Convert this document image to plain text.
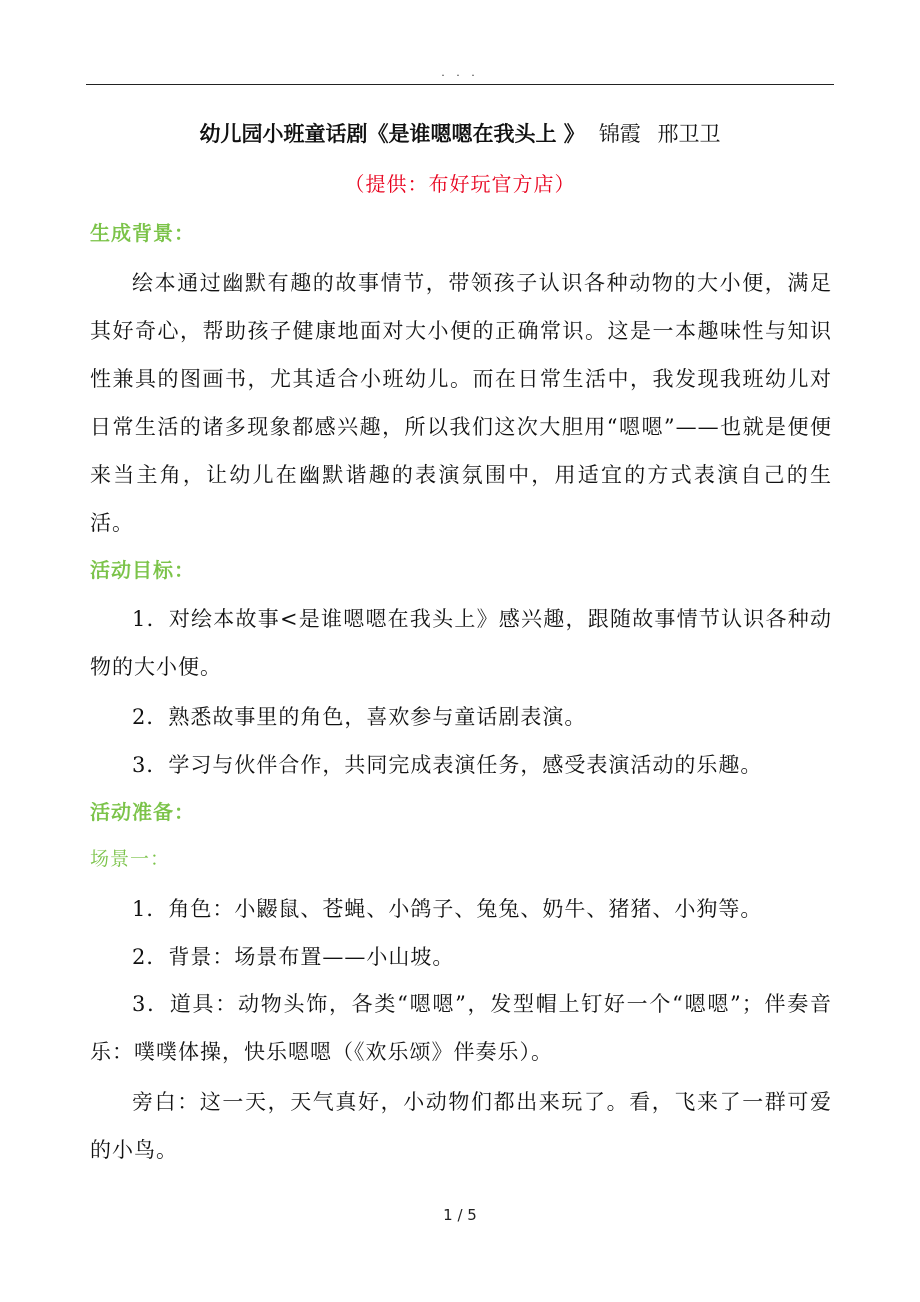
. . .
幼儿园小班童话剧《是谁嗯嗯在我头上 》 锦霞 邢卫卫
（提供：布好玩官方店）
生成背景：

绘本通过幽默有趣的故事情节，带领孩子认识各种动物的大小便，满足其好奇心，帮助孩子健康地面对大小便的正确常识。这是一本趣味性与知识性兼具的图画书，尤其适合小班幼儿。而在日常生活中，我发现我班幼儿对日常生活的诸多现象都感兴趣，所以我们这次大胆用“嗯嗯”——也就是便便来当主角，让幼儿在幽默谐趣的表演氛围中，用适宜的方式表演自己的生活。

活动目标：

1．对绘本故事<是谁嗯嗯在我头上》感兴趣，跟随故事情节认识各种动物的大小便。

2．熟悉故事里的角色，喜欢参与童话剧表演。

3．学习与伙伴合作，共同完成表演任务，感受表演活动的乐趣。

活动准备：
场景一：

1．角色：小鼹鼠、苍蝇、小鸽子、兔兔、奶牛、猪猪、小狗等。

2．背景：场景布置——小山坡。

3．道具：动物头饰，各类“嗯嗯”，发型帽上钉好一个“嗯嗯”；伴奏音乐：噗噗体操，快乐嗯嗯（《欢乐颂》伴奏乐）。

旁白：这一天，天气真好，小动物们都出来玩了。看，飞来了一群可爱的小鸟。

1 / 5
